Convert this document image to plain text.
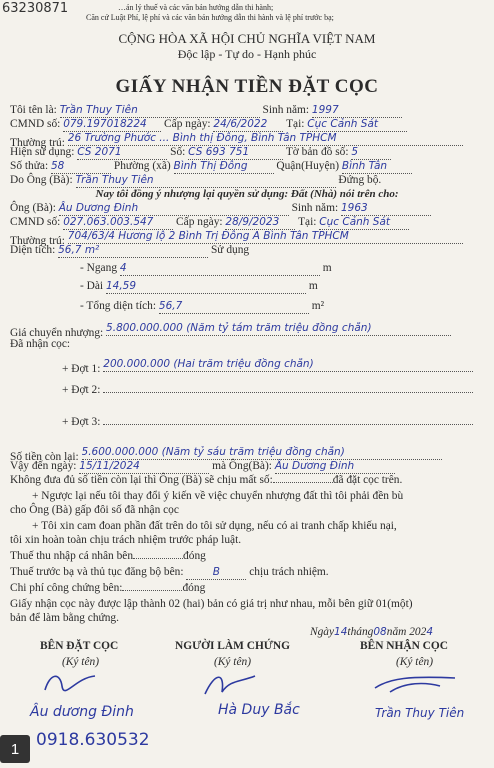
63230871	…ản lý thuế và các văn bản hướng dẫn thi hành;
Căn cứ Luật Phí, lệ phí và các văn bản hướng dẫn thi hành và lệ phí trước bạ;
CỘNG HÒA XÃ HỘI CHỦ NGHĨA VIỆT NAM
Độc lập - Tự do - Hạnh phúc
GIẤY NHẬN TIỀN ĐẶT CỌC
Tôi tên là: Trần Thuy Tiên	Sinh năm: 1997
CMND số: 079.197018224 Cấp ngày: 24/6/2022 Tại: Cục Cảnh Sát
Thường trú: 26 Trường Phước ... Bình thị Đông, Bình Tân TPHCM
Hiện sử dụng: CS 2071	Số: CS 693 751	Tờ bản đồ số: 5
Số thửa: 58	Phường (xã) Bình Thị Đông	Quận(Huyện) Bình Tân
Do Ông (Bà): Trần Thuy Tiên	Đứng bộ.
Nay tôi đồng ý nhượng lại quyền sử dụng: Đất (Nhà) nói trên cho:
Ông (Bà): Âu Dương Đinh	Sinh năm: 1963
CMND số: 027.063.003.547 Cấp ngày: 28/9/2023 Tại: Cục Cảnh Sát
Thường trú: 704/63/4 Hương lộ 2 Bình Trị Đông A Bình Tân TPHCM
Diện tích: 56,7 m²	Sử dụng
- Ngang 4	m
- Dài 14,59	m
- Tổng diện tích: 56,7	m²
Giá chuyển nhượng: 5.800.000.000 (Năm tỷ tám trăm triệu đồng chẵn)
Đã nhận cọc:
+ Đợt 1: 200.000.000 (Hai trăm triệu đồng chẵn)
+ Đợt 2:
+ Đợt 3:
Số tiền còn lại: 5.600.000.000 (Năm tỷ sáu trăm triệu đồng chẵn)
Vậy đến ngày: 15/11/2024	mà Ông(Bà): Âu Dương Đinh
Không đưa đủ số tiền còn lại thì Ông (Bà) sẽ chịu mất số:	đã đặt cọc trên.
+ Ngược lại nếu tôi thay đổi ý kiến về việc chuyển nhượng đất thì tôi phải đền bù
cho Ông (Bà) gấp đôi số đã nhận cọc
+ Tôi xin cam đoan phần đất trên do tôi sử dụng, nếu có ai tranh chấp khiếu nại,
tôi xin hoàn toàn chịu trách nhiệm trước pháp luật.
Thuế thu nhập cá nhân bên	đóng
Thuế trước bạ và thủ tục đăng bộ bên:	B	chịu trách nhiệm.
Chi phí công chứng bên:	đóng
Giấy nhận cọc này được lập thành 02 (hai) bản có giá trị như nhau, mỗi bên giữ 01(một)
bản để làm bằng chứng.
Ngày14tháng08năm 2024
BÊN ĐẶT CỌC	NGƯỜI LÀM CHỨNG	BÊN NHẬN CỌC
(Ký tên)	(Ký tên)	(Ký tên)
Âu dương Đinh	Hà Duy Bắc	Trần Thuy Tiên
0918.630532
1
